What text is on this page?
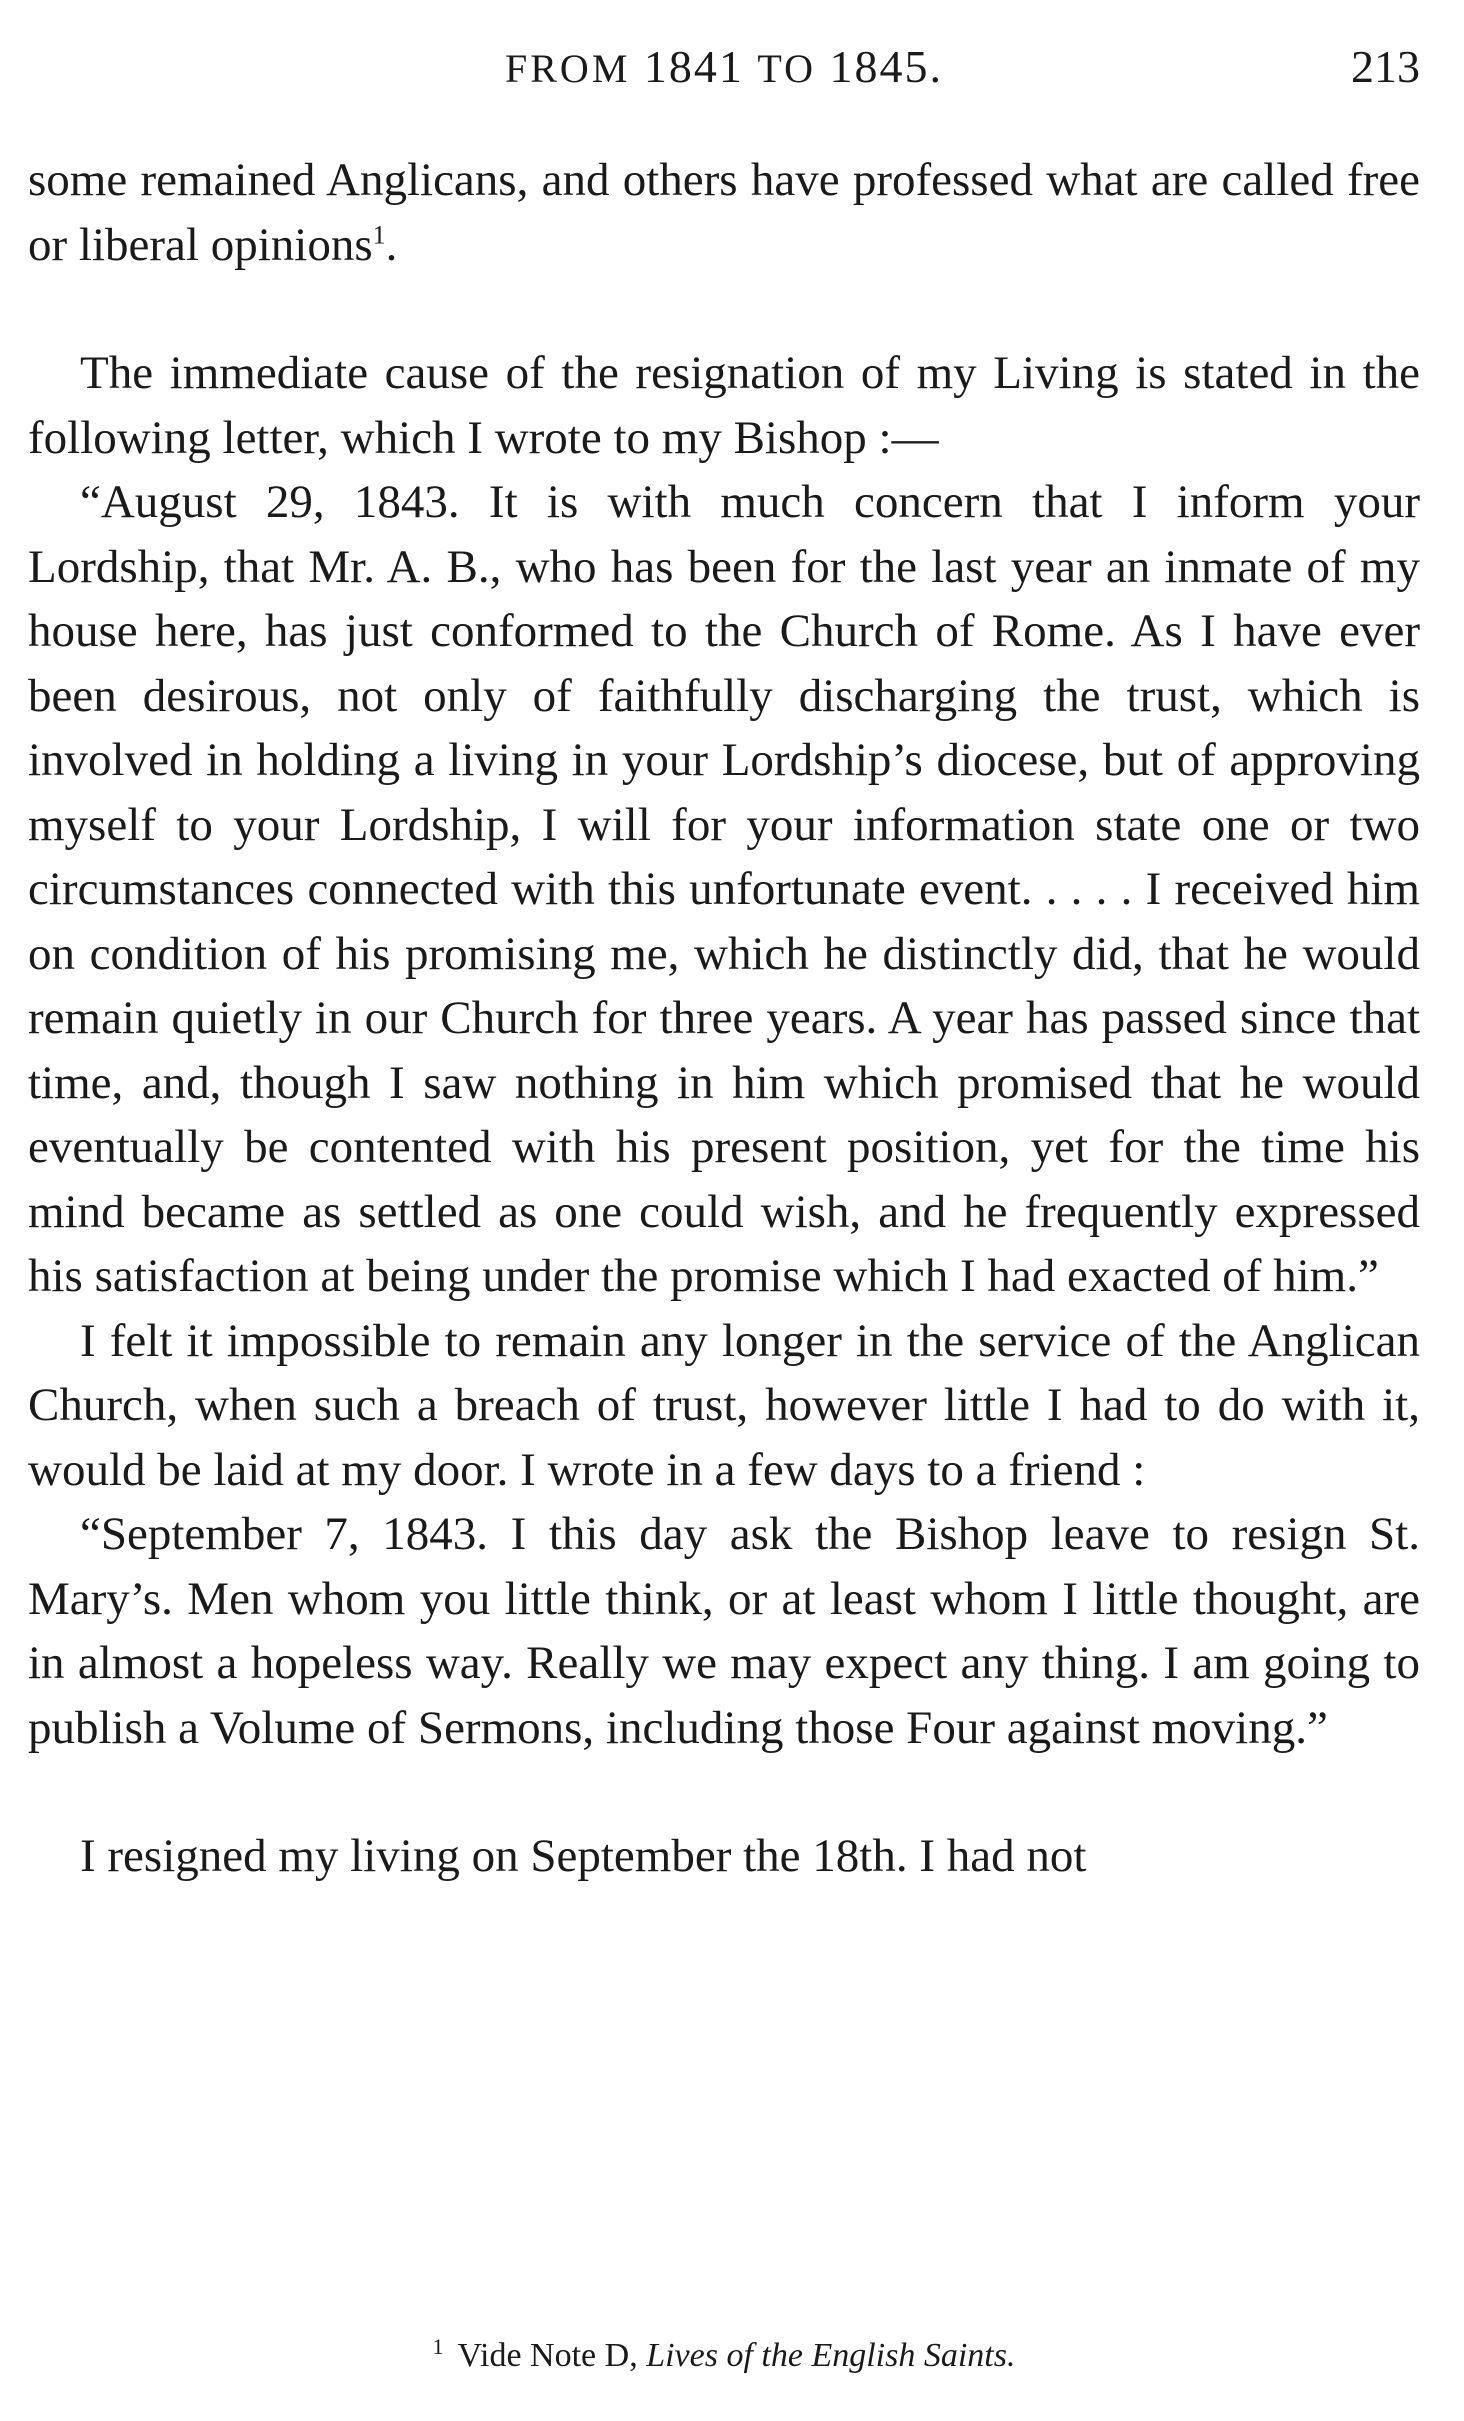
FROM 1841 TO 1845.	213

some remained Anglicans, and others have professed what are called free or liberal opinions$^1$.

The immediate cause of the resignation of my Living is stated in the following letter, which I wrote to my Bishop :—

“August 29, 1843. It is with much concern that I inform your Lordship, that Mr. A. B., who has been for the last year an inmate of my house here, has just conformed to the Church of Rome. As I have ever been desirous, not only of faithfully discharging the trust, which is involved in holding a living in your Lordship’s diocese, but of approving myself to your Lordship, I will for your information state one or two circumstances connected with this unfortunate event. . . . . I received him on condition of his promising me, which he distinctly did, that he would remain quietly in our Church for three years. A year has passed since that time, and, though I saw nothing in him which promised that he would eventually be contented with his present position, yet for the time his mind became as settled as one could wish, and he frequently expressed his satisfaction at being under the promise which I had exacted of him.”

I felt it impossible to remain any longer in the service of the Anglican Church, when such a breach of trust, however little I had to do with it, would be laid at my door. I wrote in a few days to a friend :

“September 7, 1843. I this day ask the Bishop leave to resign St. Mary’s. Men whom you little think, or at least whom I little thought, are in almost a hopeless way. Really we may expect any thing. I am going to publish a Volume of Sermons, including those Four against moving.”

I resigned my living on September the 18th. I had not

$^1$ Vide Note D, Lives of the English Saints.
